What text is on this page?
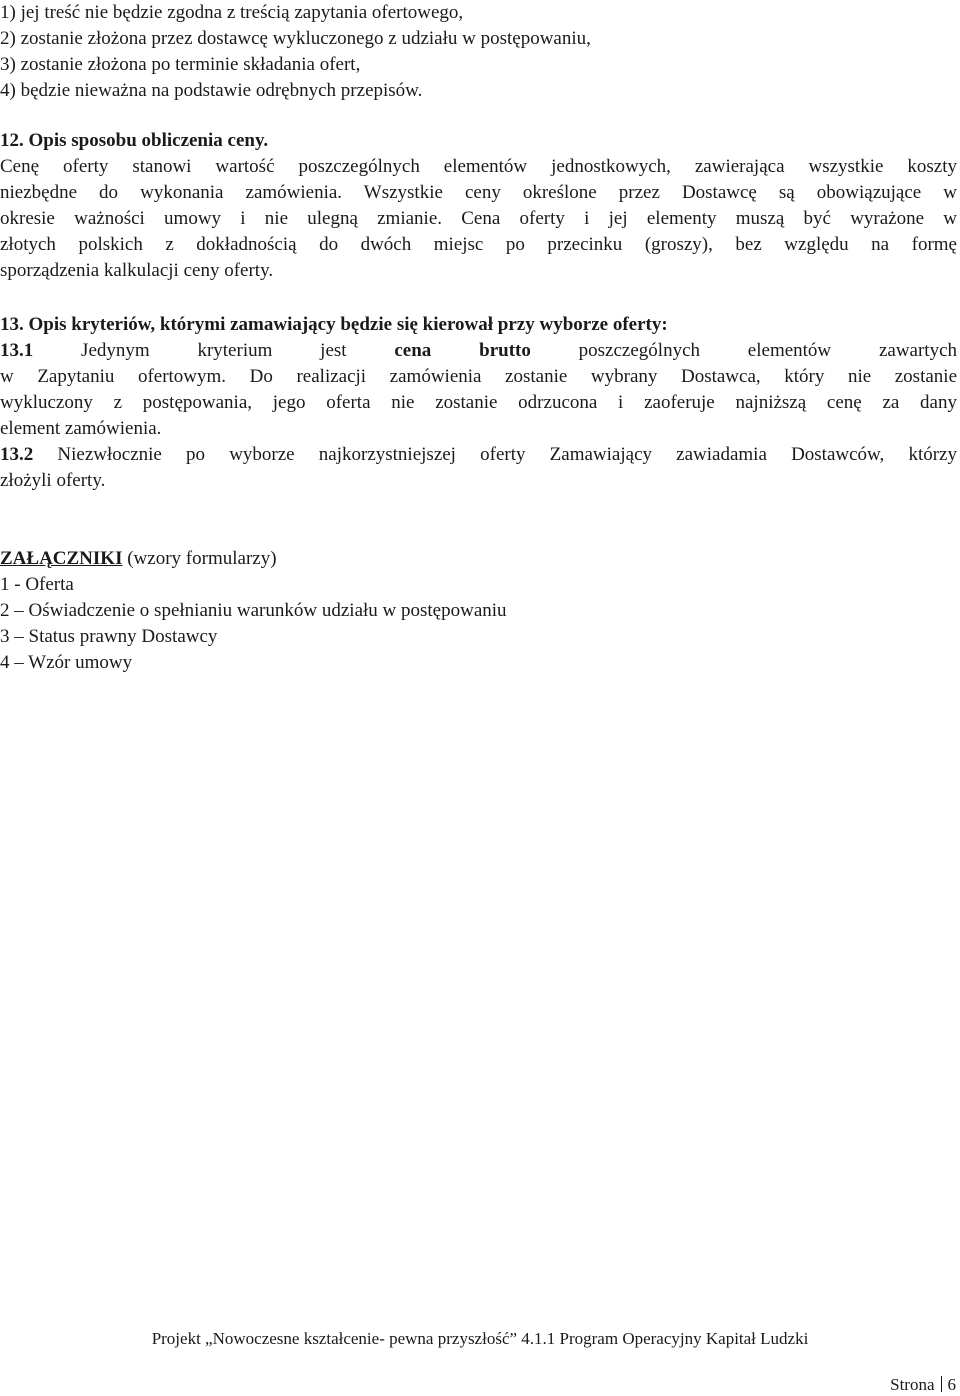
1) jej treść nie będzie zgodna z treścią zapytania ofertowego,

2) zostanie złożona przez dostawcę wykluczonego z udziału w postępowaniu,

3) zostanie złożona po terminie składania ofert,

4) będzie nieważna na podstawie odrębnych przepisów.

12. Opis sposobu obliczenia ceny.

Cenę oferty stanowi wartość poszczególnych elementów jednostkowych, zawierająca wszystkie koszty

niezbędne do wykonania zamówienia. Wszystkie ceny określone przez Dostawcę są obowiązujące w

okresie ważności umowy i nie ulegną zmianie. Cena oferty i jej elementy muszą być wyrażone w

złotych polskich z dokładnością do dwóch miejsc po przecinku (groszy), bez względu na formę

sporządzenia kalkulacji ceny oferty.

13. Opis kryteriów, którymi zamawiający będzie się kierował przy wyborze oferty:

13.1 Jedynym kryterium jest cena	brutto poszczególnych elementów zawartych

w Zapytaniu ofertowym. Do realizacji zamówienia zostanie wybrany Dostawca, który nie zostanie

wykluczony z postępowania, jego oferta nie zostanie odrzucona i zaoferuje najniższą cenę za dany

element zamówienia.

13.2 Niezwłocznie po wyborze najkorzystniejszej oferty Zamawiający zawiadamia Dostawców, którzy

złożyli oferty.

ZAŁĄCZNIKI (wzory formularzy)

1 - Oferta

2 – Oświadczenie o spełnianiu warunków udziału w postępowaniu

3 – Status prawny Dostawcy

4 – Wzór umowy

Projekt „Nowoczesne kształcenie- pewna przyszłość” 4.1.1 Program Operacyjny Kapitał Ludzki
Strona 6
